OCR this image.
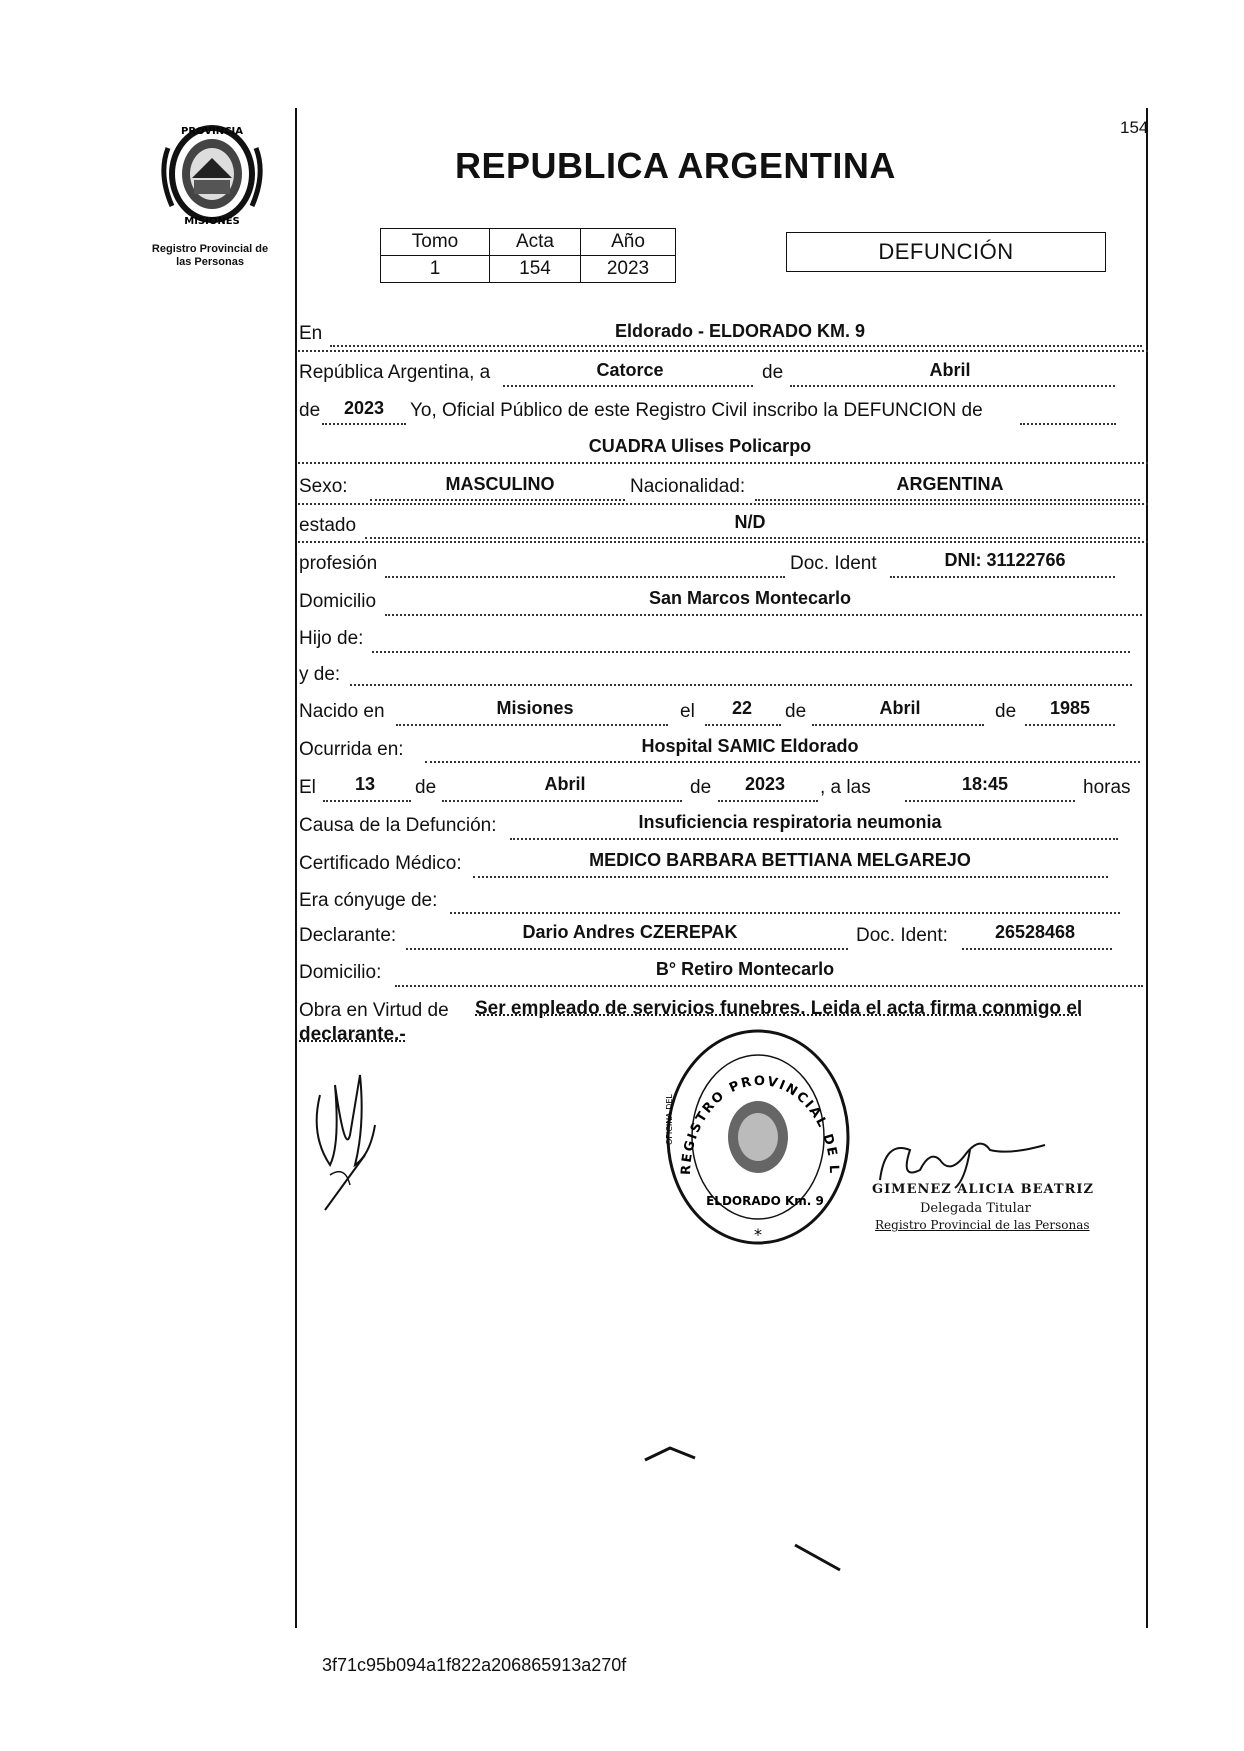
154
PROVINCIA
MISIONES
Registro Provincial de
las Personas
REPUBLICA ARGENTINA
Tomo	Acta	Año
1	154	2023
DEFUNCIÓN
En	Eldorado - ELDORADO KM. 9
República Argentina, a	Catorce	de	Abril
de	2023	Yo, Oficial Público de este Registro Civil inscribo la DEFUNCION de
CUADRA Ulises Policarpo
Sexo:	MASCULINO	Nacionalidad:	ARGENTINA
estado	N/D
profesión	Doc. Ident	DNI: 31122766
Domicilio	San Marcos Montecarlo
Hijo de:
y de:
Nacido en	Misiones	el	22	de	Abril	de	1985
Ocurrida en:	Hospital SAMIC Eldorado
El	13	de	Abril	de	2023	, a las	18:45	horas
Causa de la Defunción:	Insuficiencia respiratoria neumonia
Certificado Médico:	MEDICO BARBARA BETTIANA MELGAREJO
Era cónyuge de:
Declarante:	Dario Andres CZEREPAK	Doc. Ident:	26528468
Domicilio:	B° Retiro Montecarlo
Obra en Virtud de Ser empleado de servicios funebres. Leida el acta firma conmigo el
declarante.-
REGISTRO PROVINCIAL DE L
ELDORADO Km. 9
OFICINA DEL
*
GIMENEZ ALICIA BEATRIZ
Delegada Titular
Registro Provincial de las Personas
3f71c95b094a1f822a206865913a270f
